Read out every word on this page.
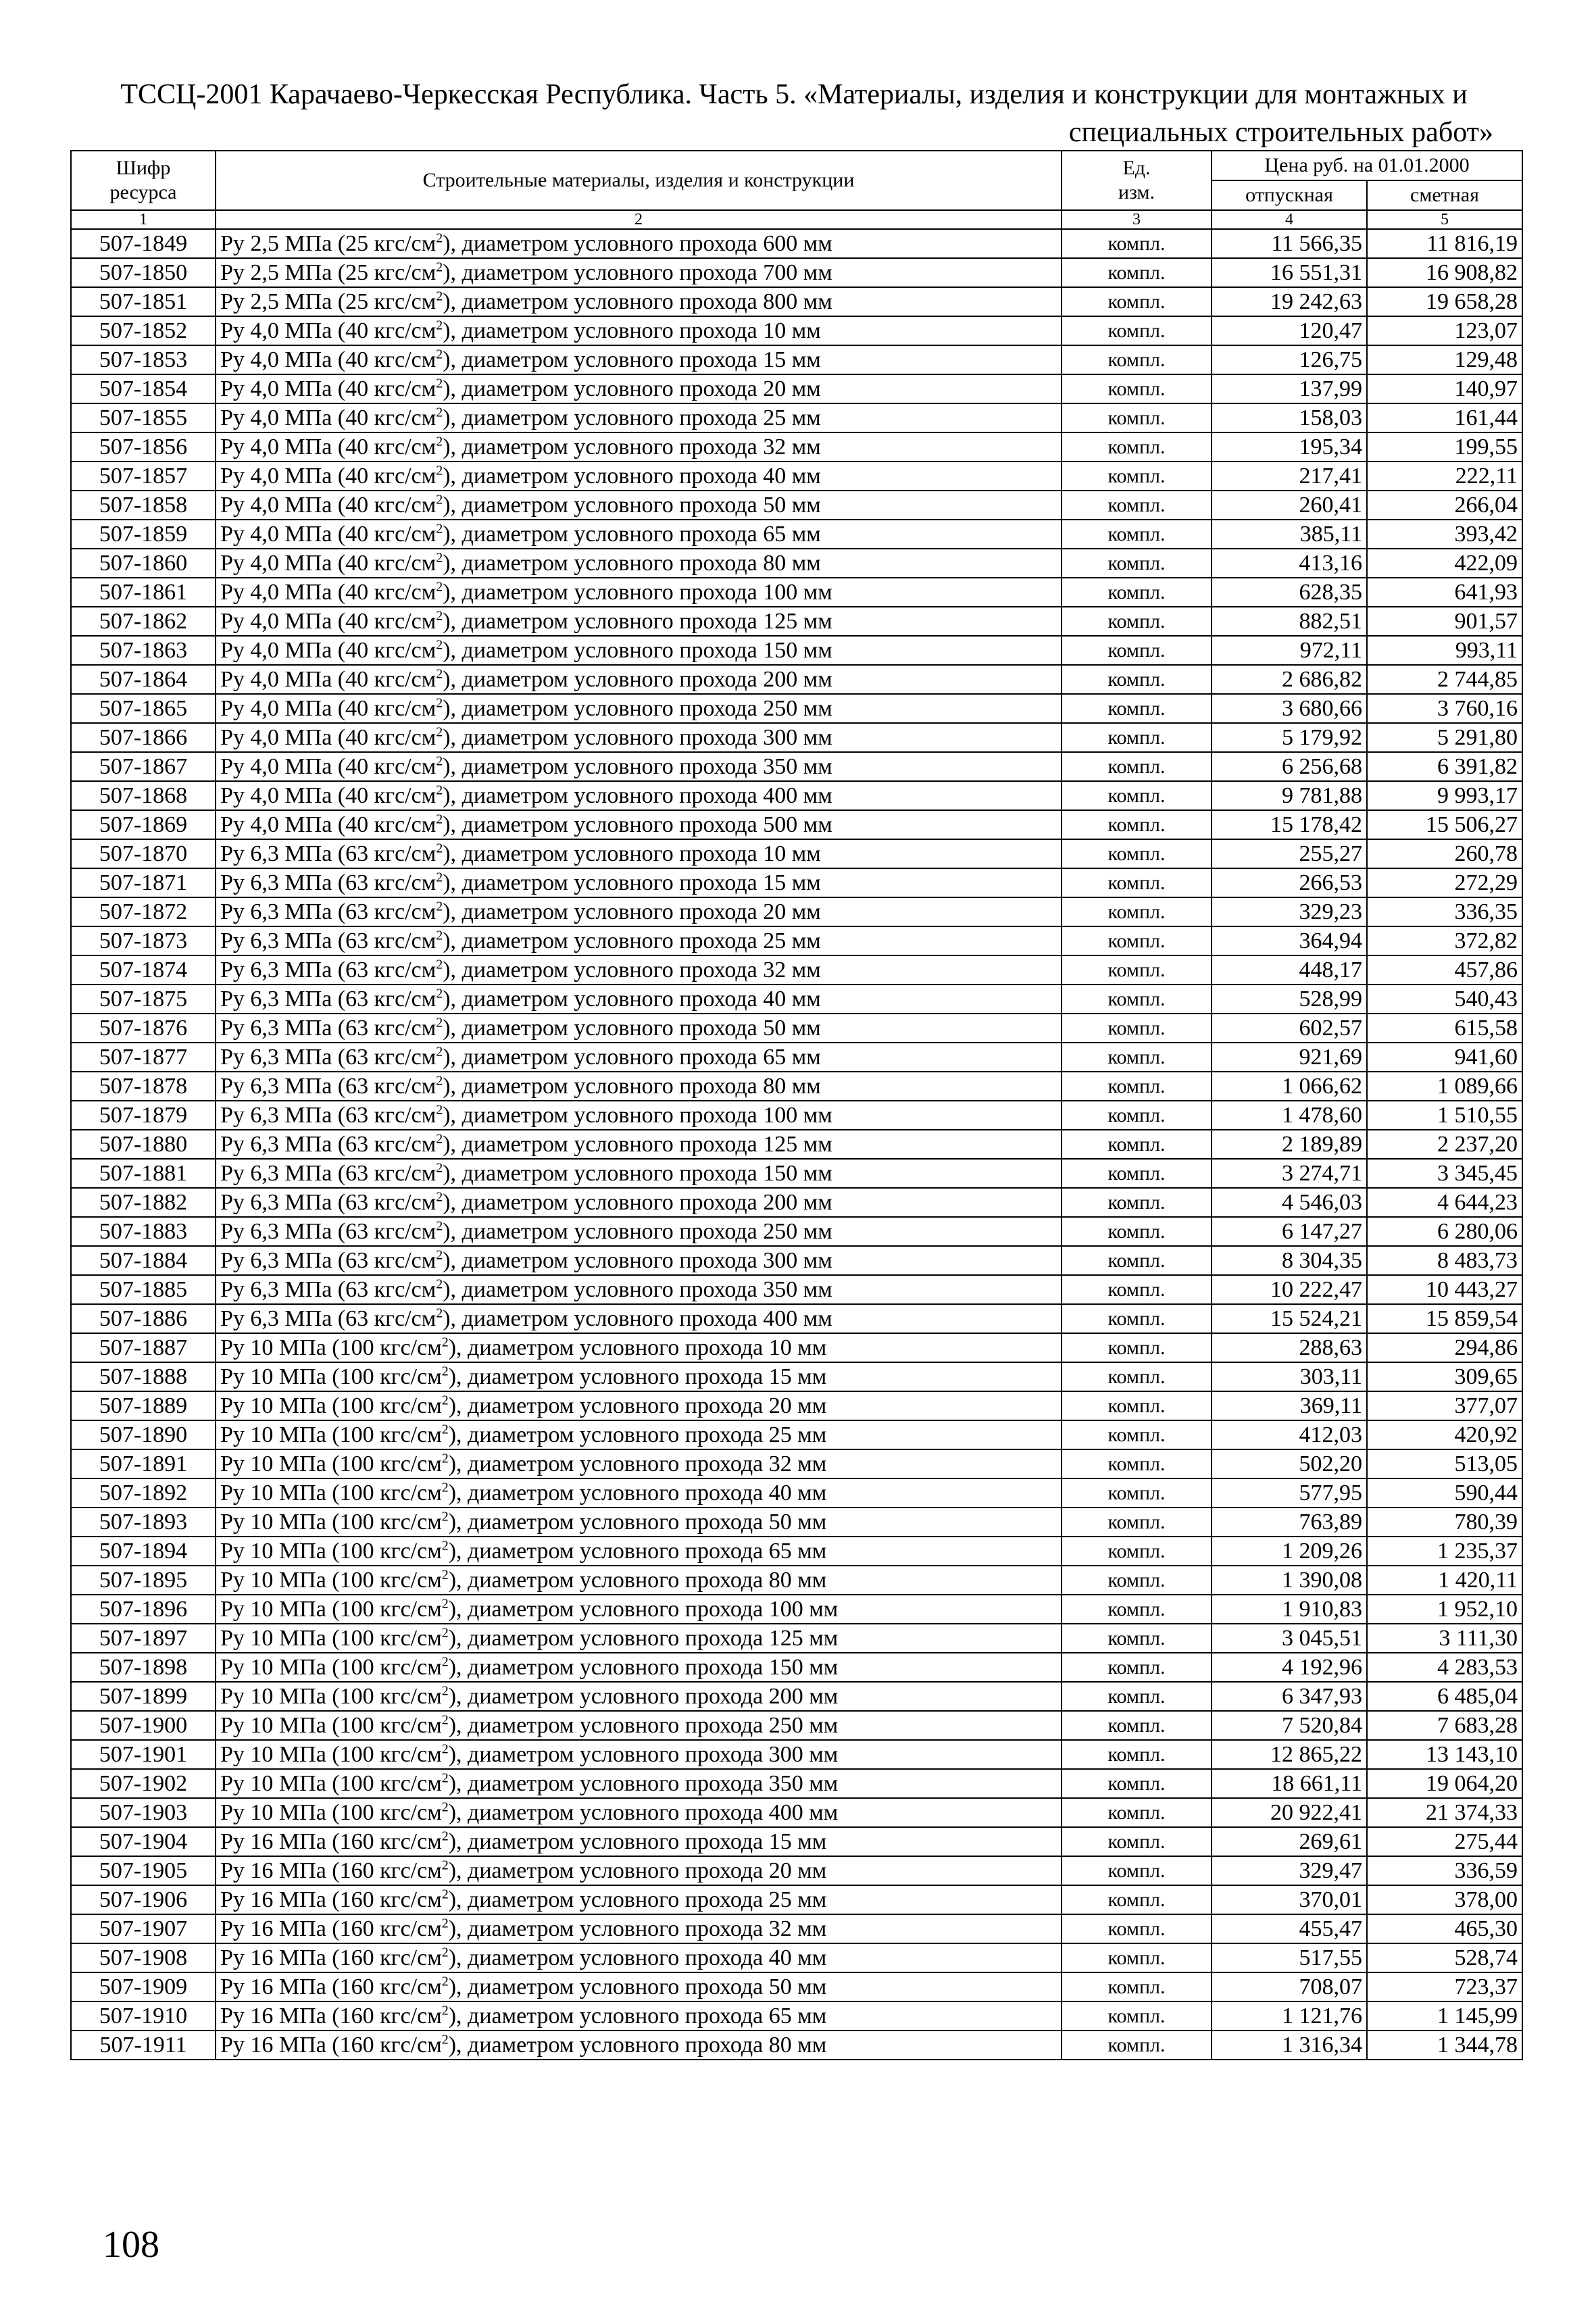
ТССЦ-2001 Карачаево-Черкесская Республика. Часть 5. «Материалы, изделия и конструкции для монтажных и
специальных строительных работ»
Шифр ресурса	Строительные материалы, изделия и конструкции	Ед. изм.	Цена руб. на 01.01.2000	
			отпускная	сметная
1	2	3	4	5
507-1849	Ру 2,5 МПа (25 кгс/$см^2$), диаметром условного прохода 600 мм	компл.	11 566,35	11 816,19
507-1850	Ру 2,5 МПа (25 кгс/$см^2$), диаметром условного прохода 700 мм	компл.	16 551,31	16 908,82
507-1851	Ру 2,5 МПа (25 кгс/$см^2$), диаметром условного прохода 800 мм	компл.	19 242,63	19 658,28
507-1852	Ру 4,0 МПа (40 кгс/$см^2$), диаметром условного прохода 10 мм	компл.	120,47	123,07
507-1853	Ру 4,0 МПа (40 кгс/$см^2$), диаметром условного прохода 15 мм	компл.	126,75	129,48
507-1854	Ру 4,0 МПа (40 кгс/$см^2$), диаметром условного прохода 20 мм	компл.	137,99	140,97
507-1855	Ру 4,0 МПа (40 кгс/$см^2$), диаметром условного прохода 25 мм	компл.	158,03	161,44
507-1856	Ру 4,0 МПа (40 кгс/$см^2$), диаметром условного прохода 32 мм	компл.	195,34	199,55
507-1857	Ру 4,0 МПа (40 кгс/$см^2$), диаметром условного прохода 40 мм	компл.	217,41	222,11
507-1858	Ру 4,0 МПа (40 кгс/$см^2$), диаметром условного прохода 50 мм	компл.	260,41	266,04
507-1859	Ру 4,0 МПа (40 кгс/$см^2$), диаметром условного прохода 65 мм	компл.	385,11	393,42
507-1860	Ру 4,0 МПа (40 кгс/$см^2$), диаметром условного прохода 80 мм	компл.	413,16	422,09
507-1861	Ру 4,0 МПа (40 кгс/$см^2$), диаметром условного прохода 100 мм	компл.	628,35	641,93
507-1862	Ру 4,0 МПа (40 кгс/$см^2$), диаметром условного прохода 125 мм	компл.	882,51	901,57
507-1863	Ру 4,0 МПа (40 кгс/$см^2$), диаметром условного прохода 150 мм	компл.	972,11	993,11
507-1864	Ру 4,0 МПа (40 кгс/$см^2$), диаметром условного прохода 200 мм	компл.	2 686,82	2 744,85
507-1865	Ру 4,0 МПа (40 кгс/$см^2$), диаметром условного прохода 250 мм	компл.	3 680,66	3 760,16
507-1866	Ру 4,0 МПа (40 кгс/$см^2$), диаметром условного прохода 300 мм	компл.	5 179,92	5 291,80
507-1867	Ру 4,0 МПа (40 кгс/$см^2$), диаметром условного прохода 350 мм	компл.	6 256,68	6 391,82
507-1868	Ру 4,0 МПа (40 кгс/$см^2$), диаметром условного прохода 400 мм	компл.	9 781,88	9 993,17
507-1869	Ру 4,0 МПа (40 кгс/$см^2$), диаметром условного прохода 500 мм	компл.	15 178,42	15 506,27
507-1870	Ру 6,3 МПа (63 кгс/$см^2$), диаметром условного прохода 10 мм	компл.	255,27	260,78
507-1871	Ру 6,3 МПа (63 кгс/$см^2$), диаметром условного прохода 15 мм	компл.	266,53	272,29
507-1872	Ру 6,3 МПа (63 кгс/$см^2$), диаметром условного прохода 20 мм	компл.	329,23	336,35
507-1873	Ру 6,3 МПа (63 кгс/$см^2$), диаметром условного прохода 25 мм	компл.	364,94	372,82
507-1874	Ру 6,3 МПа (63 кгс/$см^2$), диаметром условного прохода 32 мм	компл.	448,17	457,86
507-1875	Ру 6,3 МПа (63 кгс/$см^2$), диаметром условного прохода 40 мм	компл.	528,99	540,43
507-1876	Ру 6,3 МПа (63 кгс/$см^2$), диаметром условного прохода 50 мм	компл.	602,57	615,58
507-1877	Ру 6,3 МПа (63 кгс/$см^2$), диаметром условного прохода 65 мм	компл.	921,69	941,60
507-1878	Ру 6,3 МПа (63 кгс/$см^2$), диаметром условного прохода 80 мм	компл.	1 066,62	1 089,66
507-1879	Ру 6,3 МПа (63 кгс/$см^2$), диаметром условного прохода 100 мм	компл.	1 478,60	1 510,55
507-1880	Ру 6,3 МПа (63 кгс/$см^2$), диаметром условного прохода 125 мм	компл.	2 189,89	2 237,20
507-1881	Ру 6,3 МПа (63 кгс/$см^2$), диаметром условного прохода 150 мм	компл.	3 274,71	3 345,45
507-1882	Ру 6,3 МПа (63 кгс/$см^2$), диаметром условного прохода 200 мм	компл.	4 546,03	4 644,23
507-1883	Ру 6,3 МПа (63 кгс/$см^2$), диаметром условного прохода 250 мм	компл.	6 147,27	6 280,06
507-1884	Ру 6,3 МПа (63 кгс/$см^2$), диаметром условного прохода 300 мм	компл.	8 304,35	8 483,73
507-1885	Ру 6,3 МПа (63 кгс/$см^2$), диаметром условного прохода 350 мм	компл.	10 222,47	10 443,27
507-1886	Ру 6,3 МПа (63 кгс/$см^2$), диаметром условного прохода 400 мм	компл.	15 524,21	15 859,54
507-1887	Ру 10 МПа (100 кгс/$см^2$), диаметром условного прохода 10 мм	компл.	288,63	294,86
507-1888	Ру 10 МПа (100 кгс/$см^2$), диаметром условного прохода 15 мм	компл.	303,11	309,65
507-1889	Ру 10 МПа (100 кгс/$см^2$), диаметром условного прохода 20 мм	компл.	369,11	377,07
507-1890	Ру 10 МПа (100 кгс/$см^2$), диаметром условного прохода 25 мм	компл.	412,03	420,92
507-1891	Ру 10 МПа (100 кгс/$см^2$), диаметром условного прохода 32 мм	компл.	502,20	513,05
507-1892	Ру 10 МПа (100 кгс/$см^2$), диаметром условного прохода 40 мм	компл.	577,95	590,44
507-1893	Ру 10 МПа (100 кгс/$см^2$), диаметром условного прохода 50 мм	компл.	763,89	780,39
507-1894	Ру 10 МПа (100 кгс/$см^2$), диаметром условного прохода 65 мм	компл.	1 209,26	1 235,37
507-1895	Ру 10 МПа (100 кгс/$см^2$), диаметром условного прохода 80 мм	компл.	1 390,08	1 420,11
507-1896	Ру 10 МПа (100 кгс/$см^2$), диаметром условного прохода 100 мм	компл.	1 910,83	1 952,10
507-1897	Ру 10 МПа (100 кгс/$см^2$), диаметром условного прохода 125 мм	компл.	3 045,51	3 111,30
507-1898	Ру 10 МПа (100 кгс/$см^2$), диаметром условного прохода 150 мм	компл.	4 192,96	4 283,53
507-1899	Ру 10 МПа (100 кгс/$см^2$), диаметром условного прохода 200 мм	компл.	6 347,93	6 485,04
507-1900	Ру 10 МПа (100 кгс/$см^2$), диаметром условного прохода 250 мм	компл.	7 520,84	7 683,28
507-1901	Ру 10 МПа (100 кгс/$см^2$), диаметром условного прохода 300 мм	компл.	12 865,22	13 143,10
507-1902	Ру 10 МПа (100 кгс/$см^2$), диаметром условного прохода 350 мм	компл.	18 661,11	19 064,20
507-1903	Ру 10 МПа (100 кгс/$см^2$), диаметром условного прохода 400 мм	компл.	20 922,41	21 374,33
507-1904	Ру 16 МПа (160 кгс/$см^2$), диаметром условного прохода 15 мм	компл.	269,61	275,44
507-1905	Ру 16 МПа (160 кгс/$см^2$), диаметром условного прохода 20 мм	компл.	329,47	336,59
507-1906	Ру 16 МПа (160 кгс/$см^2$), диаметром условного прохода 25 мм	компл.	370,01	378,00
507-1907	Ру 16 МПа (160 кгс/$см^2$), диаметром условного прохода 32 мм	компл.	455,47	465,30
507-1908	Ру 16 МПа (160 кгс/$см^2$), диаметром условного прохода 40 мм	компл.	517,55	528,74
507-1909	Ру 16 МПа (160 кгс/$см^2$), диаметром условного прохода 50 мм	компл.	708,07	723,37
507-1910	Ру 16 МПа (160 кгс/$см^2$), диаметром условного прохода 65 мм	компл.	1 121,76	1 145,99
507-1911	Ру 16 МПа (160 кгс/$см^2$), диаметром условного прохода 80 мм	компл.	1 316,34	1 344,78
108
